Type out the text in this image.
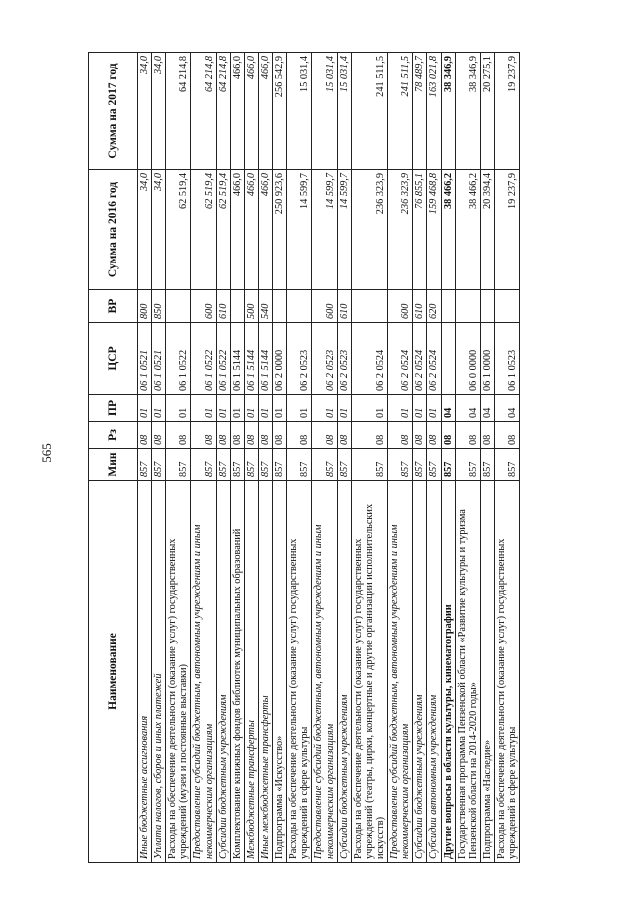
565
Наименование	Мин	Рз	ПР	ЦСР	ВР	Сумма на 2016 год	Сумма на 2017 год
Иные бюджетные ассигнования	857	08	01	06 1 0521	800	34,0	34,0
Уплата налогов, сборов и иных платежей	857	08	01	06 1 0521	850	34,0	34,0
Расходы на обеспечение деятельности (оказание услуг) государственных учреждений (музеи и постоянные выставки)	857	08	01	06 1 0522		62 519,4	64 214,8
Предоставление субсидий бюджетным, автономным учреждениям и иным некоммерческим организациям	857	08	01	06 1 0522	600	62 519,4	64 214,8
Субсидии бюджетным учреждениям	857	08	01	06 1 0522	610	62 519,4	64 214,8
Комплектование книжных фондов библиотек муниципальных образований	857	08	01	06 1 5144		466,0	466,0
Межбюджетные трансферты	857	08	01	06 1 5144	500	466,0	466,0
Иные межбюджетные трансферты	857	08	01	06 1 5144	540	466,0	466,0
Подпрограмма «Искусство»	857	08	01	06 2 0000		250 923,6	256 542,9
Расходы на обеспечение деятельности (оказание услуг) государственных учреждений в сфере культуры	857	08	01	06 2 0523		14 599,7	15 031,4
Предоставление субсидий бюджетным, автономным учреждениям и иным некоммерческим организациям	857	08	01	06 2 0523	600	14 599,7	15 031,4
Субсидии бюджетным учреждениям	857	08	01	06 2 0523	610	14 599,7	15 031,4
Расходы на обеспечение деятельности (оказание услуг) государственных учреждений (театры, цирки, концертные и другие организации исполнительских искусств)	857	08	01	06 2 0524		236 323,9	241 511,5
Предоставление субсидий бюджетным, автономным учреждениям и иным некоммерческим организациям	857	08	01	06 2 0524	600	236 323,9	241 511,5
Субсидии бюджетным учреждениям	857	08	01	06 2 0524	610	76 855,1	78 489,7
Субсидии автономным учреждениям	857	08	01	06 2 0524	620	159 468,8	163 021,8
Другие вопросы в области культуры, кинематографии	857	08	04			38 466,2	38 346,9
Государственная программа Пензенской области «Развитие культуры и туризма Пензенской области на 2014-2020 годы»	857	08	04	06 0 0000		38 466,2	38 346,9
Подпрограмма «Наследие»	857	08	04	06 1 0000		20 394,4	20 275,1
Расходы на обеспечение деятельности (оказание услуг) государственных учреждений в сфере культуры	857	08	04	06 1 0523		19 237,9	19 237,9
